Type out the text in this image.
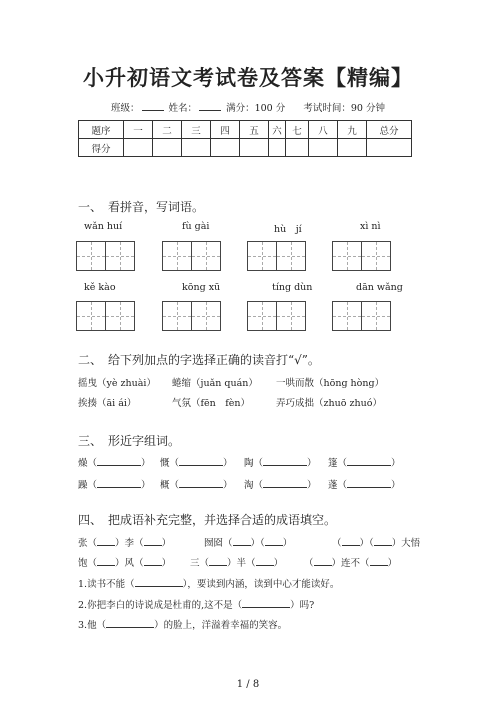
小升初语文考试卷及答案【精编】
班级：	姓名：	满分：100 分 考试时间：90 分钟
题序	一	二	三	四	五	六	七	八	九	总分
得分										
一、　看拼音，写词语。
wǎn huí	fù gài	hù　jí	xì nì
kě kào	kōng xū	tíng dùn	dān wǎng
二、　给下列加点的字选择正确的读音打“√”。
摇曳（yè zhuài） 蜷缩（juǎn quán） 一哄而散（hōng hòng）
挨揍（āi ái）	气氛（fēn　fèn）	弄巧成拙（zhuō zhuó）
三、　形近字组词。
燥（	） 慨（	） 陶（	） 篷（	）
躁（	） 概（	） 淘（	） 蓬（	）
四、　把成语补充完整，并选择合适的成语填空。
张（ ）李（ ）	囫囵（ ）（ ）	（ ）（ ）大悟
饱（ ）风（ ） 三（ ）半（ ） （ ）连不（ ）
1.读书不能（	），要读到内涵，读到中心才能读好。
2.你把李白的诗说成是杜甫的,这不是（	）吗?
3.他（	）的脸上，洋溢着幸福的笑容。
1 / 8
